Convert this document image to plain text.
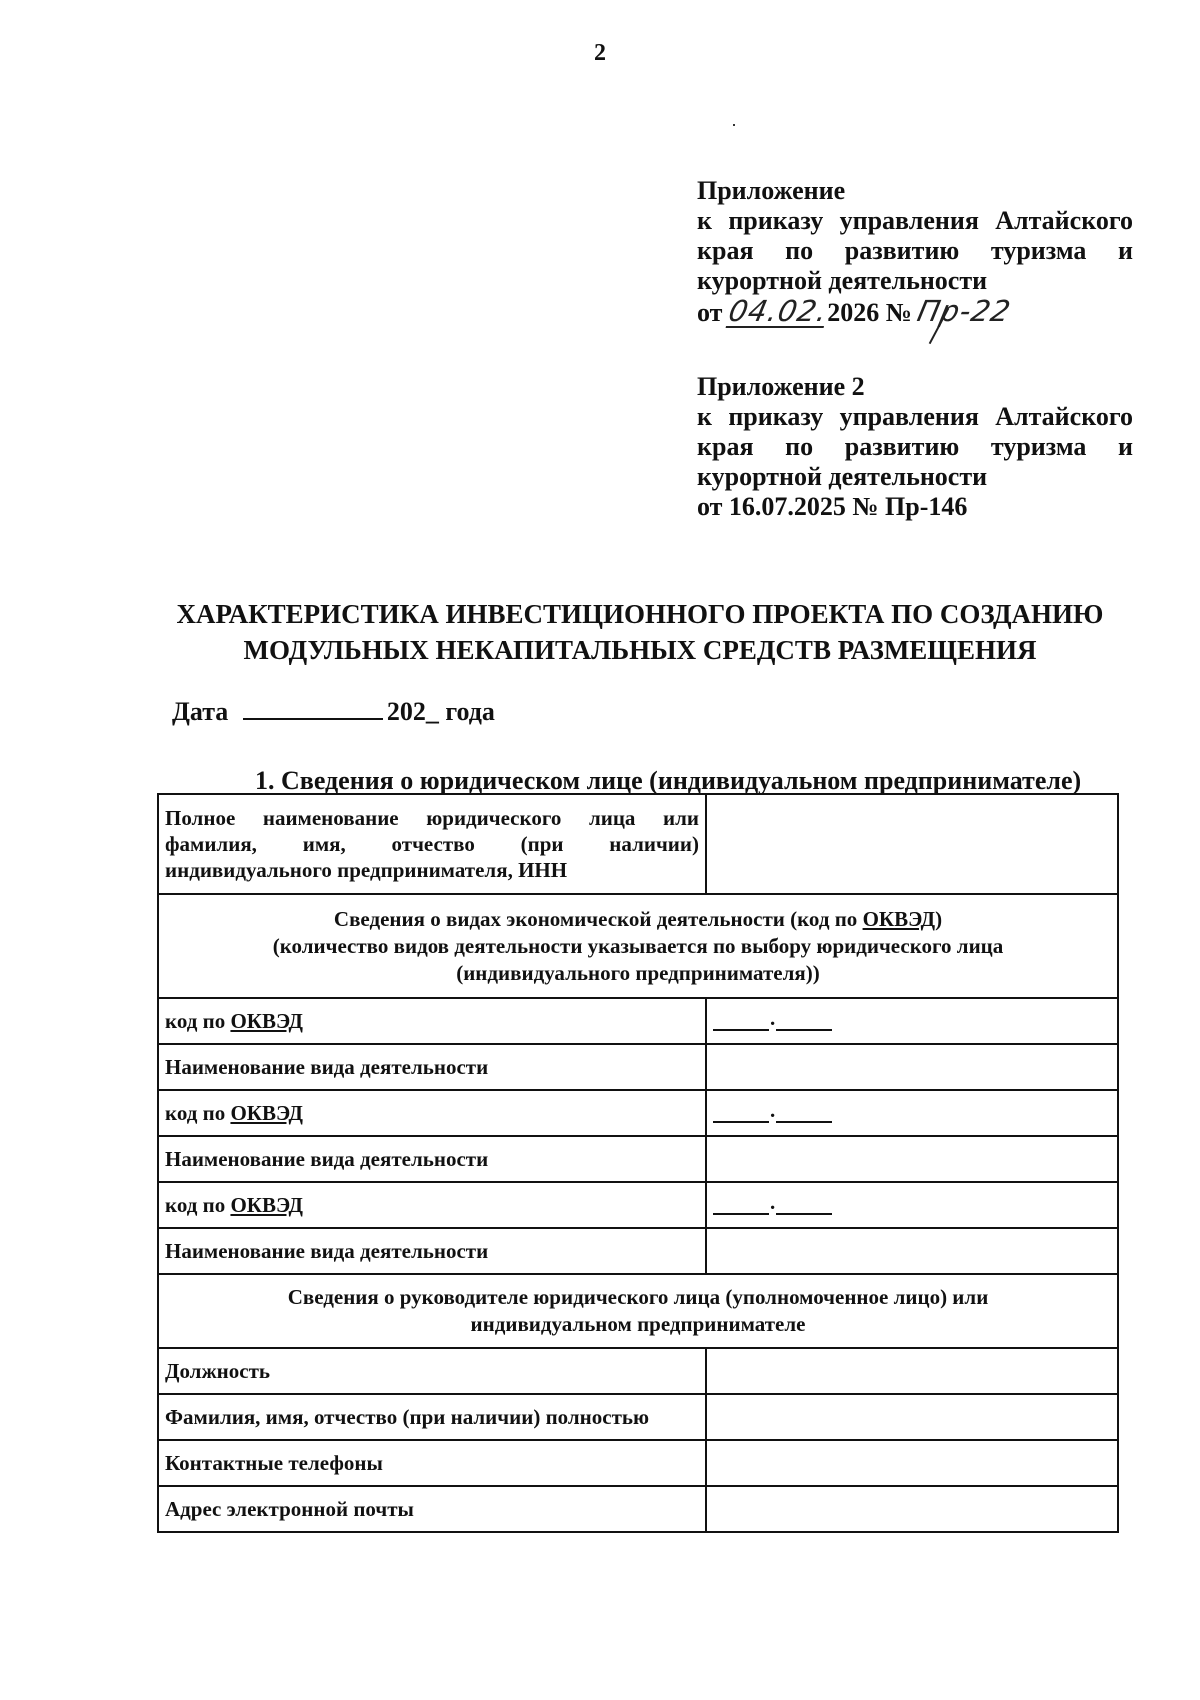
2
Приложение
к приказу управления Алтайского
края по развитию туризма и
курортной деятельности
от 04.02.2026 № Пр-22
Приложение 2
к приказу управления Алтайского
края по развитию туризма и
курортной деятельности
от 16.07.2025 № Пр-146
ХАРАКТЕРИСТИКА ИНВЕСТИЦИОННОГО ПРОЕКТА ПО СОЗДАНИЮ
МОДУЛЬНЫХ НЕКАПИТАЛЬНЫХ СРЕДСТВ РАЗМЕЩЕНИЯ
Дата	202_ года
1. Сведения о юридическом лице (индивидуальном предпринимателе)
Полное наименование юридического лица или фамилия, имя, отчество (при наличии) индивидуального предпринимателя, ИНН	

Сведения о видах экономической деятельности (код по ОКВЭД)
(количество видов деятельности указывается по выбору юридического лица
(индивидуального предпринимателя))	

код по ОКВЭД	.

Наименование вида деятельности	
код по ОКВЭД	.

Наименование вида деятельности	
код по ОКВЭД	.

Наименование вида деятельности	

Сведения о руководителе юридического лица (уполномоченное лицо) или
индивидуальном предпринимателе	

Должность	
Фамилия, имя, отчество (при наличии) полностью	
Контактные телефоны	
Адрес электронной почты	
